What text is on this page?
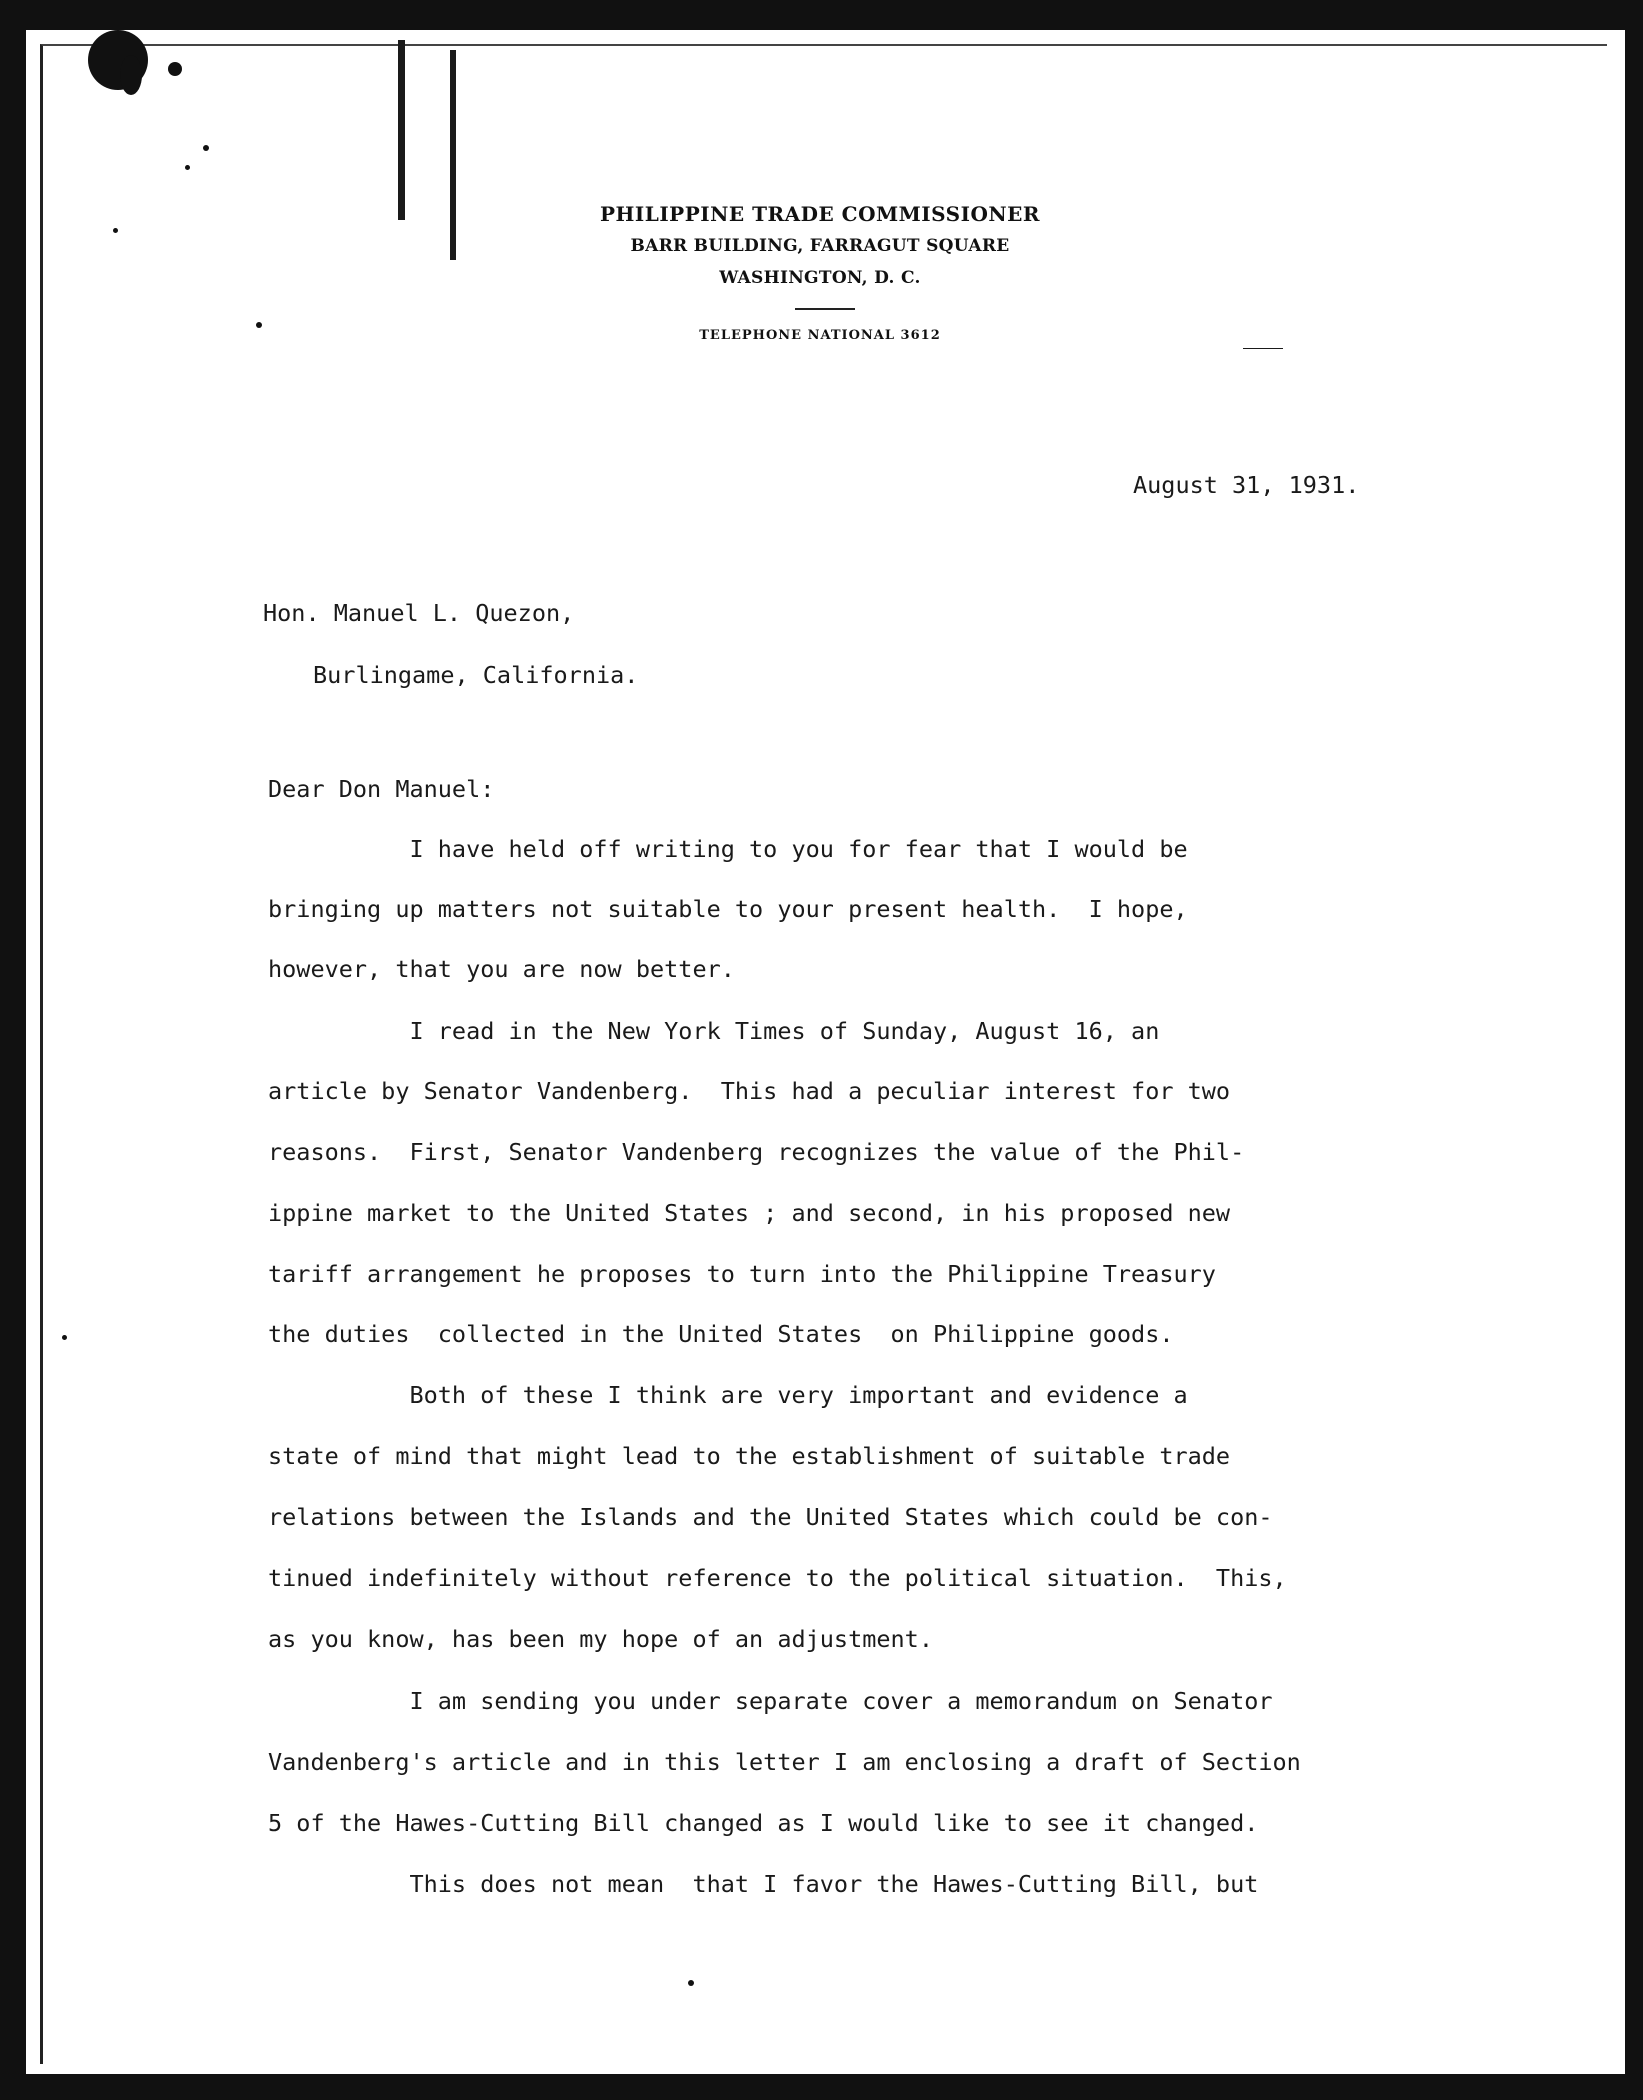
PHILIPPINE TRADE COMMISSIONER
BARR BUILDING, FARRAGUT SQUARE
WASHINGTON, D. C.
TELEPHONE NATIONAL 3612
August 31, 1931.
Hon. Manuel L. Quezon,
Burlingame, California.
Dear Don Manuel:
I have held off writing to you for fear that I would be
bringing up matters not suitable to your present health.  I hope,
however, that you are now better.
I read in the New York Times of Sunday, August 16, an
article by Senator Vandenberg.  This had a peculiar interest for two
reasons.  First, Senator Vandenberg recognizes the value of the Phil-
ippine market to the United States ; and second, in his proposed new
tariff arrangement he proposes to turn into the Philippine Treasury
the duties  collected in the United States  on Philippine goods.
Both of these I think are very important and evidence a
state of mind that might lead to the establishment of suitable trade
relations between the Islands and the United States which could be con-
tinued indefinitely without reference to the political situation.  This,
as you know, has been my hope of an adjustment.
I am sending you under separate cover a memorandum on Senator
Vandenberg's article and in this letter I am enclosing a draft of Section
5 of the Hawes-Cutting Bill changed as I would like to see it changed.
This does not mean  that I favor the Hawes-Cutting Bill, but
